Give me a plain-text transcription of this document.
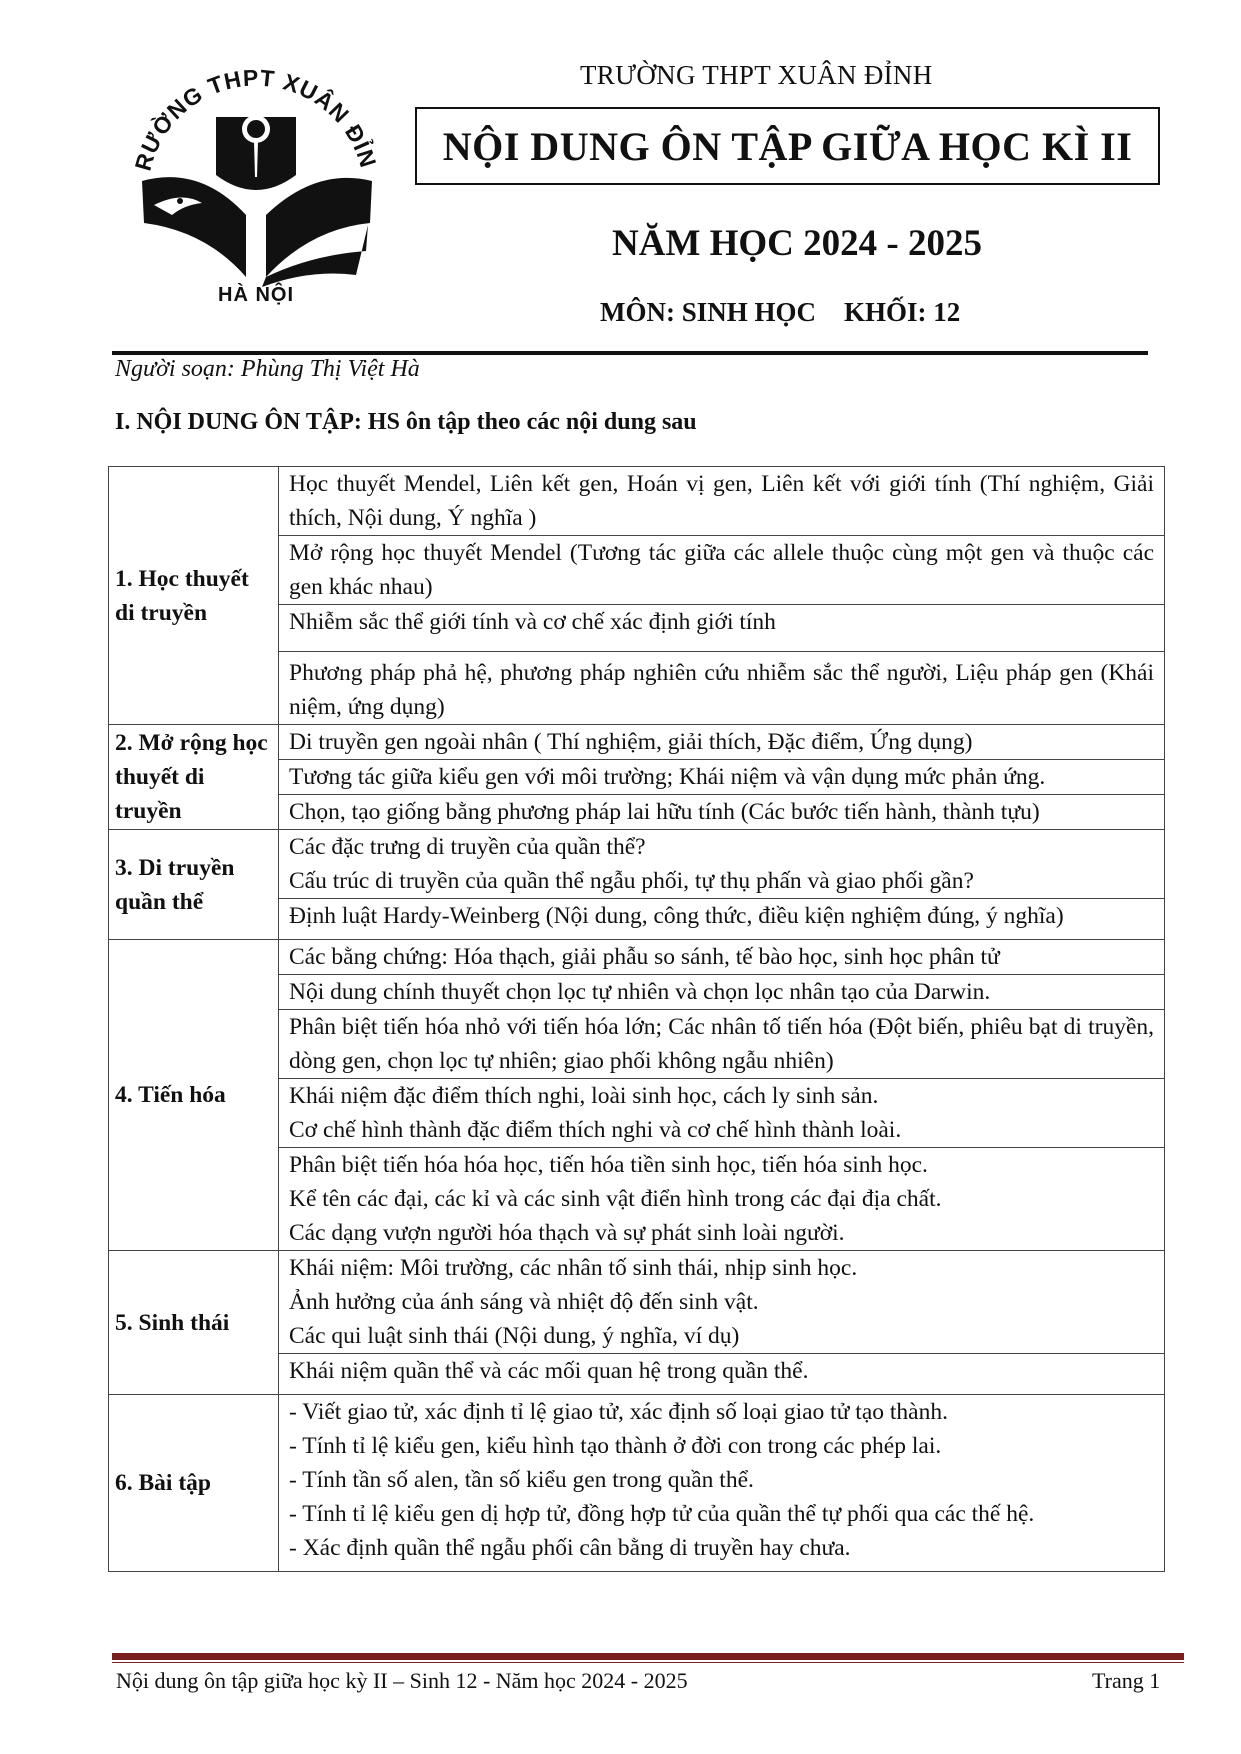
RƯỜNG THPT XUÂN ĐỈN
HÀ NỘI
TRƯỜNG THPT XUÂN ĐỈNH
NỘI DUNG ÔN TẬP GIỮA HỌC KÌ II
NĂM HỌC 2024 - 2025
MÔN: SINH HỌC KHỐI: 12
Người soạn: Phùng Thị Việt Hà
I. NỘI DUNG ÔN TẬP: HS ôn tập theo các nội dung sau
1. Học thuyết di truyền	Học thuyết Mendel, Liên kết gen, Hoán vị gen, Liên kết với giới tính (Thí nghiệm, Giải thích, Nội dung, Ý nghĩa )

	Mở rộng học thuyết Mendel (Tương tác giữa các allele thuộc cùng một gen và thuộc các gen khác nhau)

	Nhiễm sắc thể giới tính và cơ chế xác định giới tính

	Phương pháp phả hệ, phương pháp nghiên cứu nhiễm sắc thể người, Liệu pháp gen (Khái niệm, ứng dụng)

2. Mở rộng học thuyết di truyền	Di truyền gen ngoài nhân ( Thí nghiệm, giải thích, Đặc điểm, Ứng dụng)

	Tương tác giữa kiểu gen với môi trường; Khái niệm và vận dụng mức phản ứng.

	Chọn, tạo giống bằng phương pháp lai hữu tính (Các bước tiến hành, thành tựu)

3. Di truyền quần thể	Các đặc trưng di truyền của quần thể?
Cấu trúc di truyền của quần thể ngẫu phối, tự thụ phấn và giao phối gần?

	Định luật Hardy-Weinberg (Nội dung, công thức, điều kiện nghiệm đúng, ý nghĩa)

4. Tiến hóa	Các bằng chứng: Hóa thạch, giải phẫu so sánh, tế bào học, sinh học phân tử

	Nội dung chính thuyết chọn lọc tự nhiên và chọn lọc nhân tạo của Darwin.

	Phân biệt tiến hóa nhỏ với tiến hóa lớn; Các nhân tố tiến hóa (Đột biến, phiêu bạt di truyền, dòng gen, chọn lọc tự nhiên; giao phối không ngẫu nhiên)

	Khái niệm đặc điểm thích nghi, loài sinh học, cách ly sinh sản.
Cơ chế hình thành đặc điểm thích nghi và cơ chế hình thành loài.

	Phân biệt tiến hóa hóa học, tiến hóa tiền sinh học, tiến hóa sinh học.
Kể tên các đại, các kỉ và các sinh vật điển hình trong các đại địa chất.
Các dạng vượn người hóa thạch và sự phát sinh loài người.

5. Sinh thái	Khái niệm: Môi trường, các nhân tố sinh thái, nhịp sinh học.
Ảnh hưởng của ánh sáng và nhiệt độ đến sinh vật.
Các qui luật sinh thái (Nội dung, ý nghĩa, ví dụ)

	Khái niệm quần thể và các mối quan hệ trong quần thể.

6. Bài tập	- Viết giao tử, xác định tỉ lệ giao tử, xác định số loại giao tử tạo thành.
- Tính tỉ lệ kiểu gen, kiểu hình tạo thành ở đời con trong các phép lai.
- Tính tần số alen, tần số kiểu gen trong quần thể.
- Tính tỉ lệ kiểu gen dị hợp tử, đồng hợp tử của quần thể tự phối qua các thế hệ.
- Xác định quần thể ngẫu phối cân bằng di truyền hay chưa.
Nội dung ôn tập giữa học kỳ II – Sinh 12 - Năm học 2024 - 2025	Trang 1
